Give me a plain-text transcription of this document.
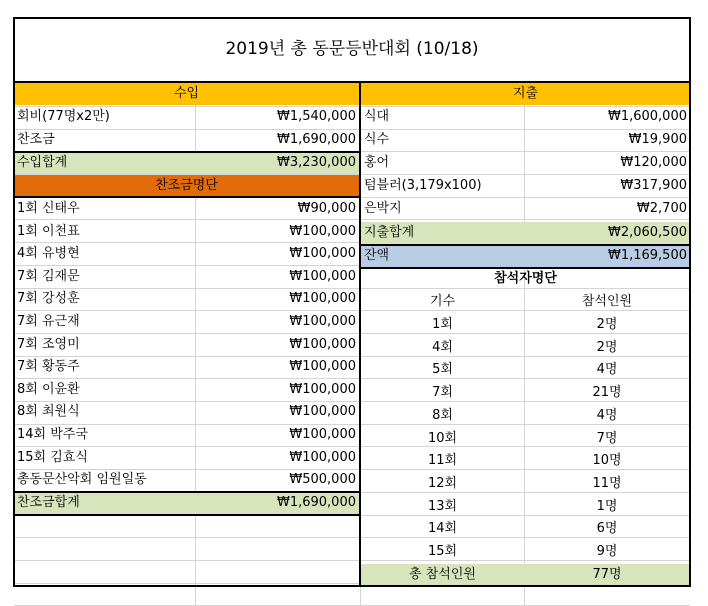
2019년 총 동문등반대회 (10/18)
수입	지출
회비(77명x2만)	₩1,540,000
찬조금	₩1,690,000
수입합계	₩3,230,000
찬조금명단
1회 신태우	₩90,000
1회 이천표	₩100,000
4회 유병현	₩100,000
7회 김재문	₩100,000
7회 강성훈	₩100,000
7회 유근재	₩100,000
7회 조영미	₩100,000
7회 황동주	₩100,000
8회 이윤환	₩100,000
8회 최원식	₩100,000
14회 박주국	₩100,000
15회 김효식	₩100,000
총동문산악회 임원일동	₩500,000
찬조금합계	₩1,690,000
식대	₩1,600,000
식수	₩19,900
홍어	₩120,000
텀블러(3,179x100)	₩317,900
은박지	₩2,700
지출합계	₩2,060,500
잔액	₩1,169,500
참석자명단
기수	참석인원
1회	2명
4회	2명
5회	4명
7회	21명
8회	4명
10회	7명
11회	10명
12회	11명
13회	1명
14회	6명
15회	9명
총 참석인원	77명
